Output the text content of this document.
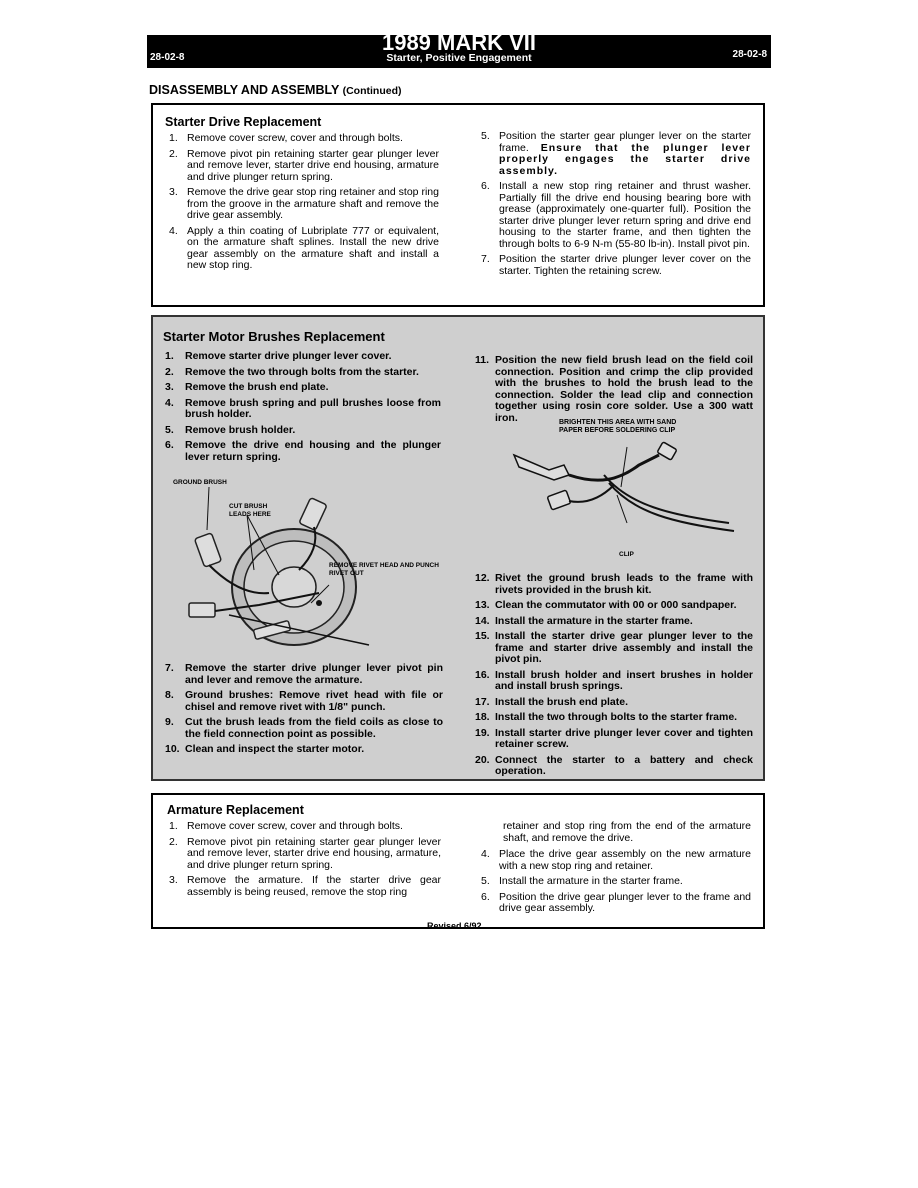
1989 MARK VII
Starter, Positive Engagement
28-02-8	28-02-8
DISASSEMBLY AND ASSEMBLY (Continued)
Starter Drive Replacement
1. Remove cover screw, cover and through bolts.
2. Remove pivot pin retaining starter gear plunger lever and remove lever, starter drive end housing, armature and drive plunger return spring.
3. Remove the drive gear stop ring retainer and stop ring from the groove in the armature shaft and remove the drive gear assembly.
4. Apply a thin coating of Lubriplate 777 or equivalent, on the armature shaft splines. Install the new drive gear assembly on the armature shaft and install a new stop ring.
5. Position the starter gear plunger lever on the starter frame. Ensure that the plunger lever properly engages the starter drive assembly.
6. Install a new stop ring retainer and thrust washer. Partially fill the drive end housing bearing bore with grease (approximately one-quarter full). Position the starter drive plunger lever return spring and drive end housing to the starter frame, and then tighten the through bolts to 6-9 N-m (55-80 lb-in). Install pivot pin.
7. Position the starter drive plunger lever cover on the starter. Tighten the retaining screw.
Starter Motor Brushes Replacement
1.	Remove starter drive plunger lever cover.
2.	Remove the two through bolts from the starter.
3.	Remove the brush end plate.
4.	Remove brush spring and pull brushes loose from brush holder.
5.	Remove brush holder.
6.	Remove the drive end housing and the plunger lever return spring.
GROUND BRUSH
CUT BRUSH LEADS HERE
REMOVE RIVET HEAD AND PUNCH RIVET OUT
7.	Remove the starter drive plunger lever pivot pin and lever and remove the armature.
8.	Ground brushes: Remove rivet head with file or chisel and remove rivet with 1/8" punch.
9.	Cut the brush leads from the field coils as close to the field connection point as possible.
10. Clean and inspect the starter motor.
11. Position the new field brush lead on the field coil connection. Position and crimp the clip provided with the brushes to hold the brush lead to the connection. Solder the lead clip and connection together using rosin core solder. Use a 300 watt iron.	BRIGHTEN THIS AREA WITH SAND PAPER BEFORE SOLDERING CLIP
CLIP
12. Rivet the ground brush leads to the frame with rivets provided in the brush kit.
13. Clean the commutator with 00 or 000 sandpaper.
14. Install the armature in the starter frame.
15. Install the starter drive gear plunger lever to the frame and starter drive assembly and install the pivot pin.
16. Install brush holder and insert brushes in holder and install brush springs.
17. Install the brush end plate.
18. Install the two through bolts to the starter frame.
19. Install starter drive plunger lever cover and tighten retainer screw.
20. Connect the starter to a battery and check operation.
Armature Replacement
1. Remove cover screw, cover and through bolts.
2. Remove pivot pin retaining starter gear plunger lever and remove lever, starter drive end housing, armature, and drive plunger return spring.
3. Remove the armature. If the starter drive gear assembly is being reused, remove the stop ring
retainer and stop ring from the end of the armature shaft, and remove the drive.
4. Place the drive gear assembly on the new armature with a new stop ring and retainer.
5. Install the armature in the starter frame.
6. Position the drive gear plunger lever to the frame and drive gear assembly.
Revised 6/92
